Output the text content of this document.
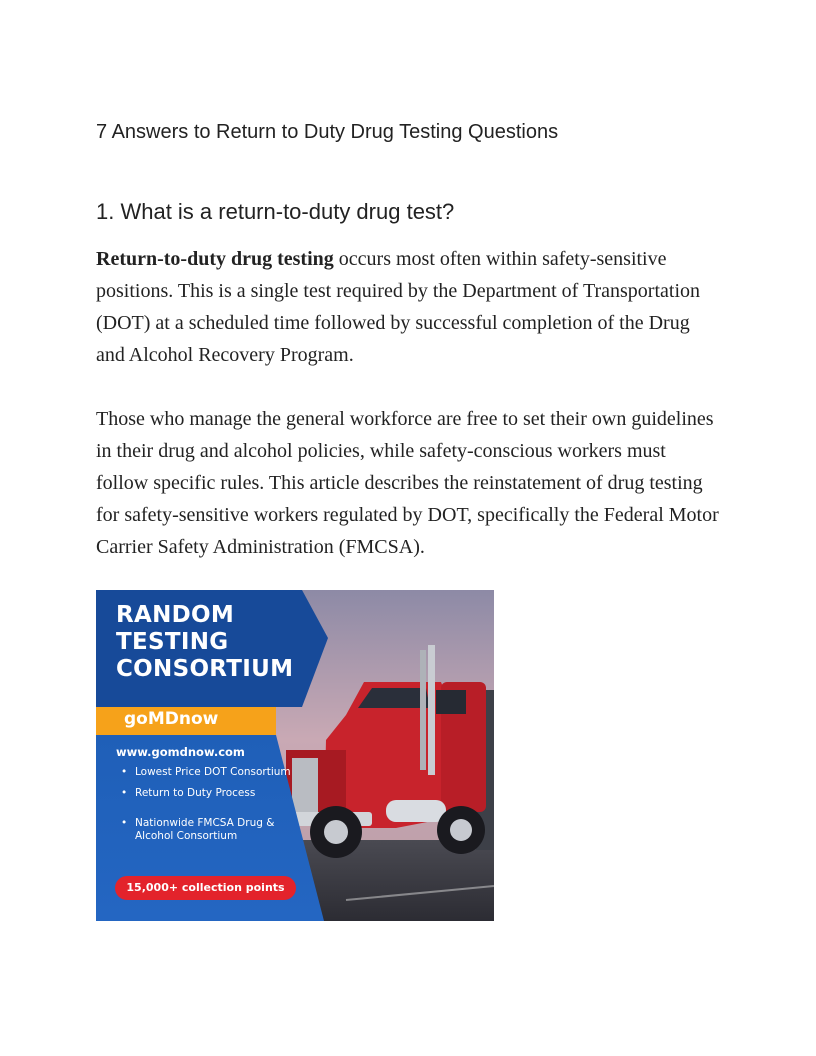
7 Answers to Return to Duty Drug Testing Questions
1. What is a return-to-duty drug test?

Return-to-duty drug testing occurs most often within safety-sensitive positions. This is a single test required by the Department of Transportation (DOT) at a scheduled time followed by successful completion of the Drug and Alcohol Recovery Program.

Those who manage the general workforce are free to set their own guidelines in their drug and alcohol policies, while safety-conscious workers must follow specific rules. This article describes the reinstatement of drug testing for safety-sensitive workers regulated by DOT, specifically the Federal Motor Carrier Safety Administration (FMCSA).

RANDOM
TESTING
CONSORTIUM
goMDnow
www.gomdnow.com
• Lowest Price DOT Consortium
• Return to Duty Process
• Nationwide FMCSA Drug & Alcohol Consortium
15,000+ collection points
